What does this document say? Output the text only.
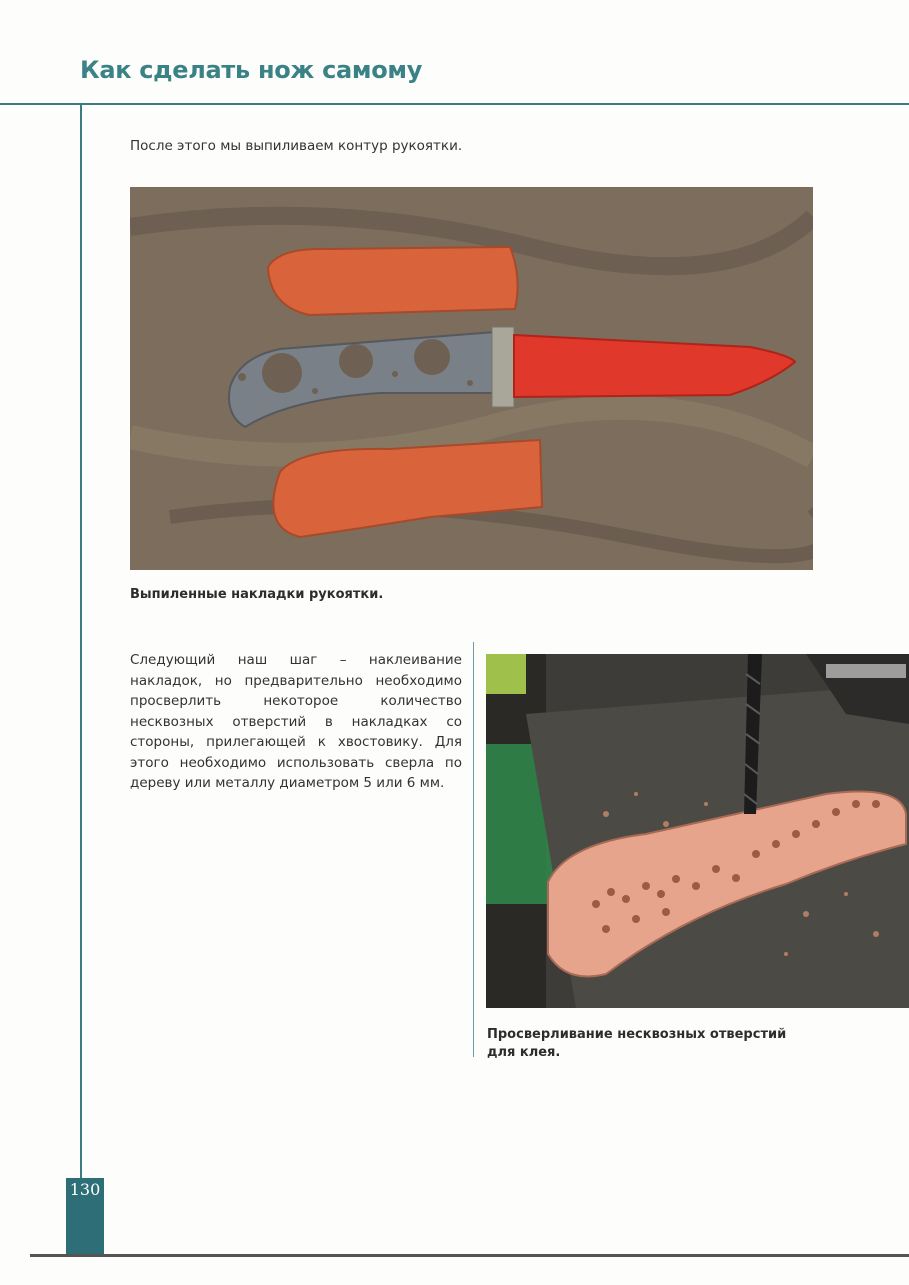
Как сделать нож самому
После этого мы выпиливаем контур рукоятки.
Выпиленные накладки рукоятки.
Следующий наш шаг – наклеивание накладок, но предварительно необходимо просверлить некоторое количество несквозных отверстий в накладках со стороны, прилегающей к хвостовику. Для этого необходимо использовать сверла по дереву или металлу диаметром 5 или 6 мм.
Просверливание несквозных отверстий для клея.
130
